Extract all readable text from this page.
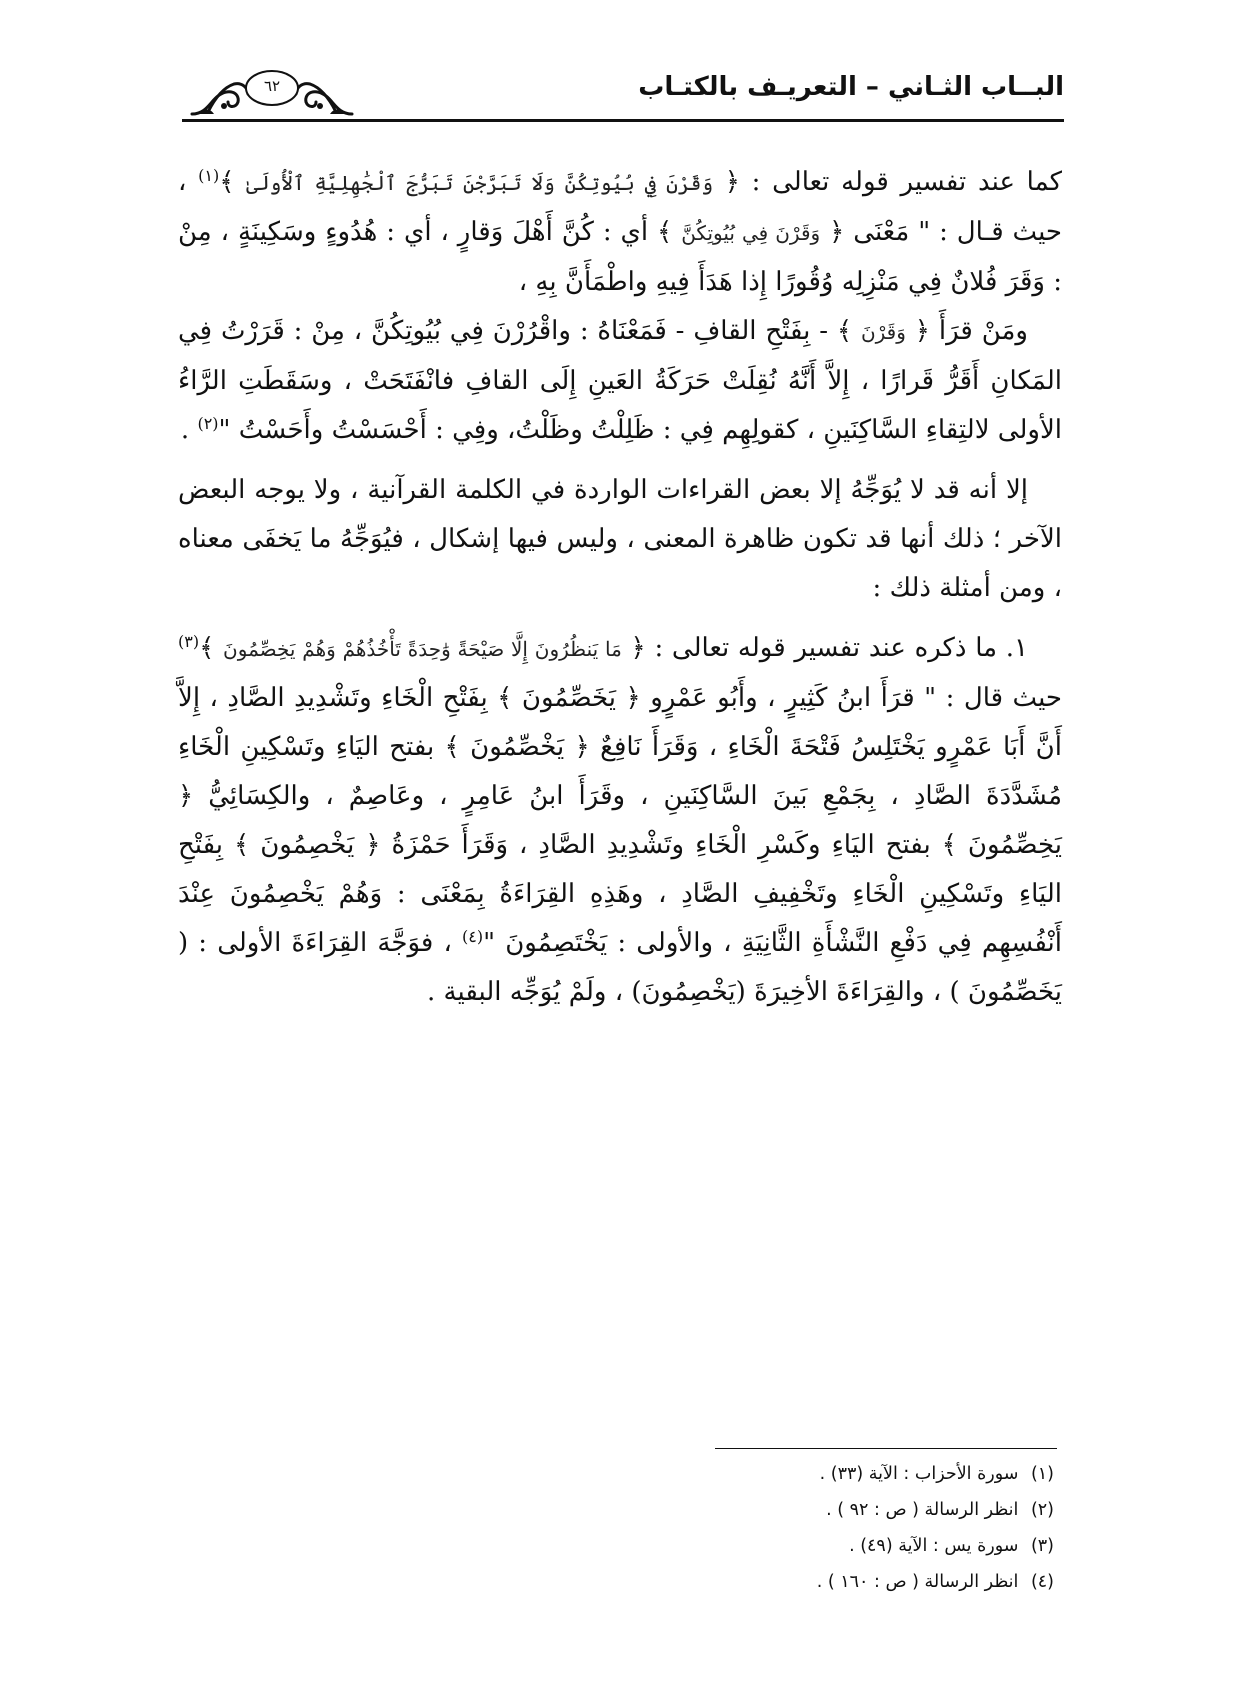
البــاب الثـاني – التعريـف بالكتـاب
٦٢

كما عند تفسير قوله تعالى : ﴿ وَقَرْنَ فِي بُيُوتِكُنَّ وَلَا تَبَرَّجْنَ تَبَرُّجَ ٱلْجَٰهِلِيَّةِ ٱلْأُولَىٰ ﴾$^{(١)}$ ، حيث قـال : " مَعْنَى ﴿ وَقَرْنَ فِي بُيُوتِكُنَّ ﴾ أي : كُنَّ أَهْلَ وَقارٍ ، أي : هُدُوءٍ وسَكِينَةٍ ، مِنْ : وَقَرَ فُلانٌ فِي مَنْزِلِه وُقُورًا إِذا هَدَأَ فِيهِ واطْمَأَنَّ بِهِ ،

ومَنْ قرَأَ ﴿ وَقَرْنَ ﴾ - بِفَتْحِ القافِ - فَمَعْنَاهُ : واقْرُرْنَ فِي بُيُوتِكُنَّ ، مِنْ : قَرَرْتُ فِي المَكانِ أَقَرُّ قَرارًا ، إِلاَّ أَنَّهُ نُقِلَتْ حَرَكَةُ العَينِ إِلَى القافِ فانْفَتَحَتْ ، وسَقَطَتِ الرَّاءُ الأولى لالتِقاءِ السَّاكِنَينِ ، كقولِهِم فِي : ظَلِلْتُ وظَلْتُ، وفِي : أَحْسَسْتُ وأَحَسْتُ "$^{(٢)}$ .

إلا أنه قد لا يُوَجِّهُ إلا بعض القراءات الواردة في الكلمة القرآنية ، ولا يوجه البعض الآخر ؛ ذلك أنها قد تكون ظاهرة المعنى ، وليس فيها إشكال ، فيُوَجِّهُ ما يَخفَى معناه ، ومن أمثلة ذلك :

١. ما ذكره عند تفسير قوله تعالى : ﴿ مَا يَنظُرُونَ إِلَّا صَيْحَةً وَٰحِدَةً تَأْخُذُهُمْ وَهُمْ يَخِصِّمُونَ ﴾$^{(٣)}$ حيث قال : " قرَأَ ابنُ كَثِيرٍ ، وأَبُو عَمْرٍو ﴿ يَخَصِّمُونَ ﴾ بِفَتْحِ الْخَاءِ وتَشْدِيدِ الصَّادِ ، إِلاَّ أَنَّ أَبَا عَمْرٍو يَخْتَلِسُ فَتْحَةَ الْخَاءِ ، وَقَرَأَ نَافِعٌ ﴿ يَخْصِّمُونَ ﴾ بفتح اليَاءِ وتَسْكِينِ الْخَاءِ مُشَدَّدَةَ الصَّادِ ، بِجَمْعِ بَينَ السَّاكِنَينِ ، وقَرَأَ ابنُ عَامِرٍ ، وعَاصِمٌ ، والكِسَائِيُّ ﴿ يَخِصِّمُونَ ﴾ بفتح اليَاءِ وكَسْرِ الْخَاءِ وتَشْدِيدِ الصَّادِ ، وَقَرَأَ حَمْزَةُ ﴿ يَخْصِمُونَ ﴾ بِفَتْحِ اليَاءِ وتَسْكِينِ الْخَاءِ وتَخْفِيفِ الصَّادِ ، وهَذِهِ القِرَاءَةُ بِمَعْنَى : وَهُمْ يَخْصِمُونَ عِنْدَ أَنْفُسِهِم فِي دَفْعِ النَّشْأَةِ الثَّانِيَةِ ، والأولى : يَخْتَصِمُونَ "$^{(٤)}$ ، فوَجَّهَ القِرَاءَةَ الأولى : ( يَخَصِّمُونَ ) ، والقِرَاءَةَ الأخِيرَةَ (يَخْصِمُونَ) ، ولَمْ يُوَجِّه البقية .

(١) سورة الأحزاب : الآية (٣٣) .
(٢) انظر الرسالة ( ص : ٩٢ ) .
(٣) سورة يس : الآية (٤٩) .
(٤) انظر الرسالة ( ص : ١٦٠ ) .
